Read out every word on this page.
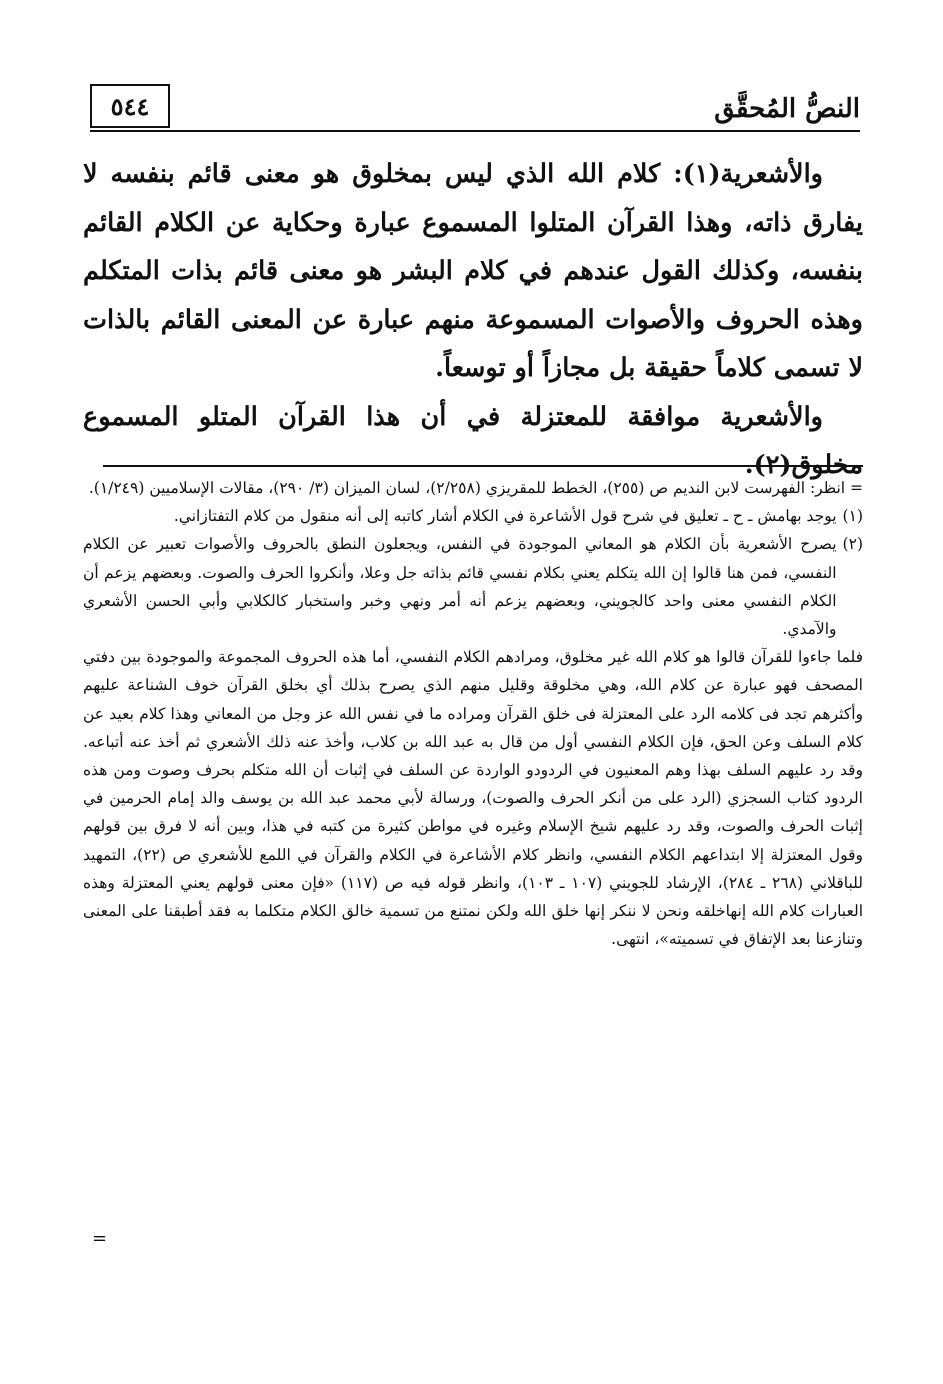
النصُّ المُحقَّق
٥٤٤

والأشعرية(١): كلام الله الذي ليس بمخلوق هو معنى قائم بنفسه لا يفارق ذاته، وهذا القرآن المتلوا المسموع عبارة وحكاية عن الكلام القائم بنفسه، وكذلك القول عندهم في كلام البشر هو معنى قائم بذات المتكلم وهذه الحروف والأصوات المسموعة منهم عبارة عن المعنى القائم بالذات لا تسمى كلاماً حقيقة بل مجازاً أو توسعاً.

والأشعرية موافقة للمعتزلة في أن هذا القرآن المتلو المسموع مخلوق(٢).

= انظر: الفهرست لابن النديم ص (٢٥٥)، الخطط للمقريزي (٢/٢٥٨)، لسان الميزان (٣/ ٢٩٠)، مقالات الإسلاميين (١/٢٤٩).

(١)
يوجد بهامش ـ ح ـ تعليق في شرح قول الأشاعرة في الكلام أشار كاتبه إلى أنه منقول من كلام التفتازاني.
(٢)
يصرح الأشعرية بأن الكلام هو المعاني الموجودة في النفس، ويجعلون النطق بالحروف والأصوات تعبير عن الكلام النفسي، فمن هنا قالوا إن الله يتكلم يعني بكلام نفسي قائم بذاته جل وعلا، وأنكروا الحرف والصوت. وبعضهم يزعم أن الكلام النفسي معنى واحد كالجويني، وبعضهم يزعم أنه أمر ونهي وخبر واستخبار كالكلابي وأبي الحسن الأشعري والآمدي.

فلما جاءوا للقرآن قالوا هو كلام الله غير مخلوق، ومرادهم الكلام النفسي، أما هذه الحروف المجموعة والموجودة بين دفتي المصحف فهو عبارة عن كلام الله، وهي مخلوقة وقليل منهم الذي يصرح بذلك أي بخلق القرآن خوف الشناعة عليهم وأكثرهم تجد فى كلامه الرد على المعتزلة فى خلق القرآن ومراده ما في نفس الله عز وجل من المعاني وهذا كلام بعيد عن كلام السلف وعن الحق، فإن الكلام النفسي أول من قال به عبد الله بن كلاب، وأخذ عنه ذلك الأشعري ثم أخذ عنه أتباعه. وقد رد عليهم السلف بهذا وهم المعنيون في الردودو الواردة عن السلف في إثبات أن الله متكلم بحرف وصوت ومن هذه الردود كتاب السجزي (الرد على من أنكر الحرف والصوت)، ورسالة لأبي محمد عبد الله بن يوسف والد إمام الحرمين في إثبات الحرف والصوت، وقد رد عليهم شيخ الإسلام وغيره في مواطن كثيرة من كتبه في هذا، وبين أنه لا فرق بين قولهم وقول المعتزلة إلا ابتداعهم الكلام النفسي، وانظر كلام الأشاعرة في الكلام والقرآن في اللمع للأشعري ص (٢٢)، التمهيد للباقلاني (٢٦٨ ـ ٢٨٤)، الإرشاد للجويني (١٠٧ ـ ١٠٣)، وانظر قوله فيه ص (١١٧) «فإن معنى قولهم يعني المعتزلة وهذه العبارات كلام الله إنهاخلقه ونحن لا ننكر إنها خلق الله ولكن نمتنع من تسمية خالق الكلام متكلما به فقد أطبقنا على المعنى وتنازعنا بعد الإتفاق في تسميته»، انتهى.

=
